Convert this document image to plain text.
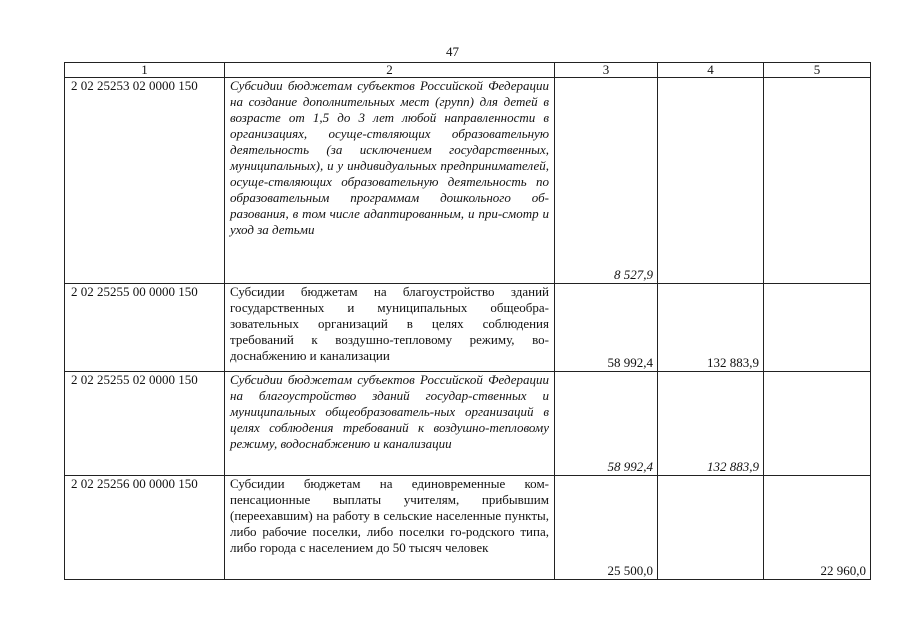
47
1	2	3	4	5
2 02 25253 02 0000 150	Субсидии бюджетам субъектов Российской Федерации на создание дополнительных мест (групп) для детей в возрасте от 1,5 до 3 лет любой направленности в организациях, осуще-ствляющих образовательную деятельность (за исключением государственных, муниципальных), и у индивидуальных предпринимателей, осуще-ствляющих образовательную деятельность по образовательным программам дошкольного об-разования, в том числе адаптированным, и при-смотр и уход за детьми	8 527,9		
2 02 25255 00 0000 150	Субсидии бюджетам на благоустройство зданий государственных и муниципальных общеобра-зовательных организаций в целях соблюдения требований к воздушно-тепловому режиму, во-доснабжению и канализации	58 992,4	132 883,9	
2 02 25255 02 0000 150	Субсидии бюджетам субъектов Российской Федерации на благоустройство зданий государ-ственных и муниципальных общеобразователь-ных организаций в целях соблюдения требований к воздушно-тепловому режиму, водоснабжению и канализации	58 992,4	132 883,9	
2 02 25256 00 0000 150	Субсидии бюджетам на единовременные ком-пенсационные выплаты учителям, прибывшим (переехавшим) на работу в сельские населенные пункты, либо рабочие поселки, либо поселки го-родского типа, либо города с населением до 50 тысяч человек	25 500,0		22 960,0
